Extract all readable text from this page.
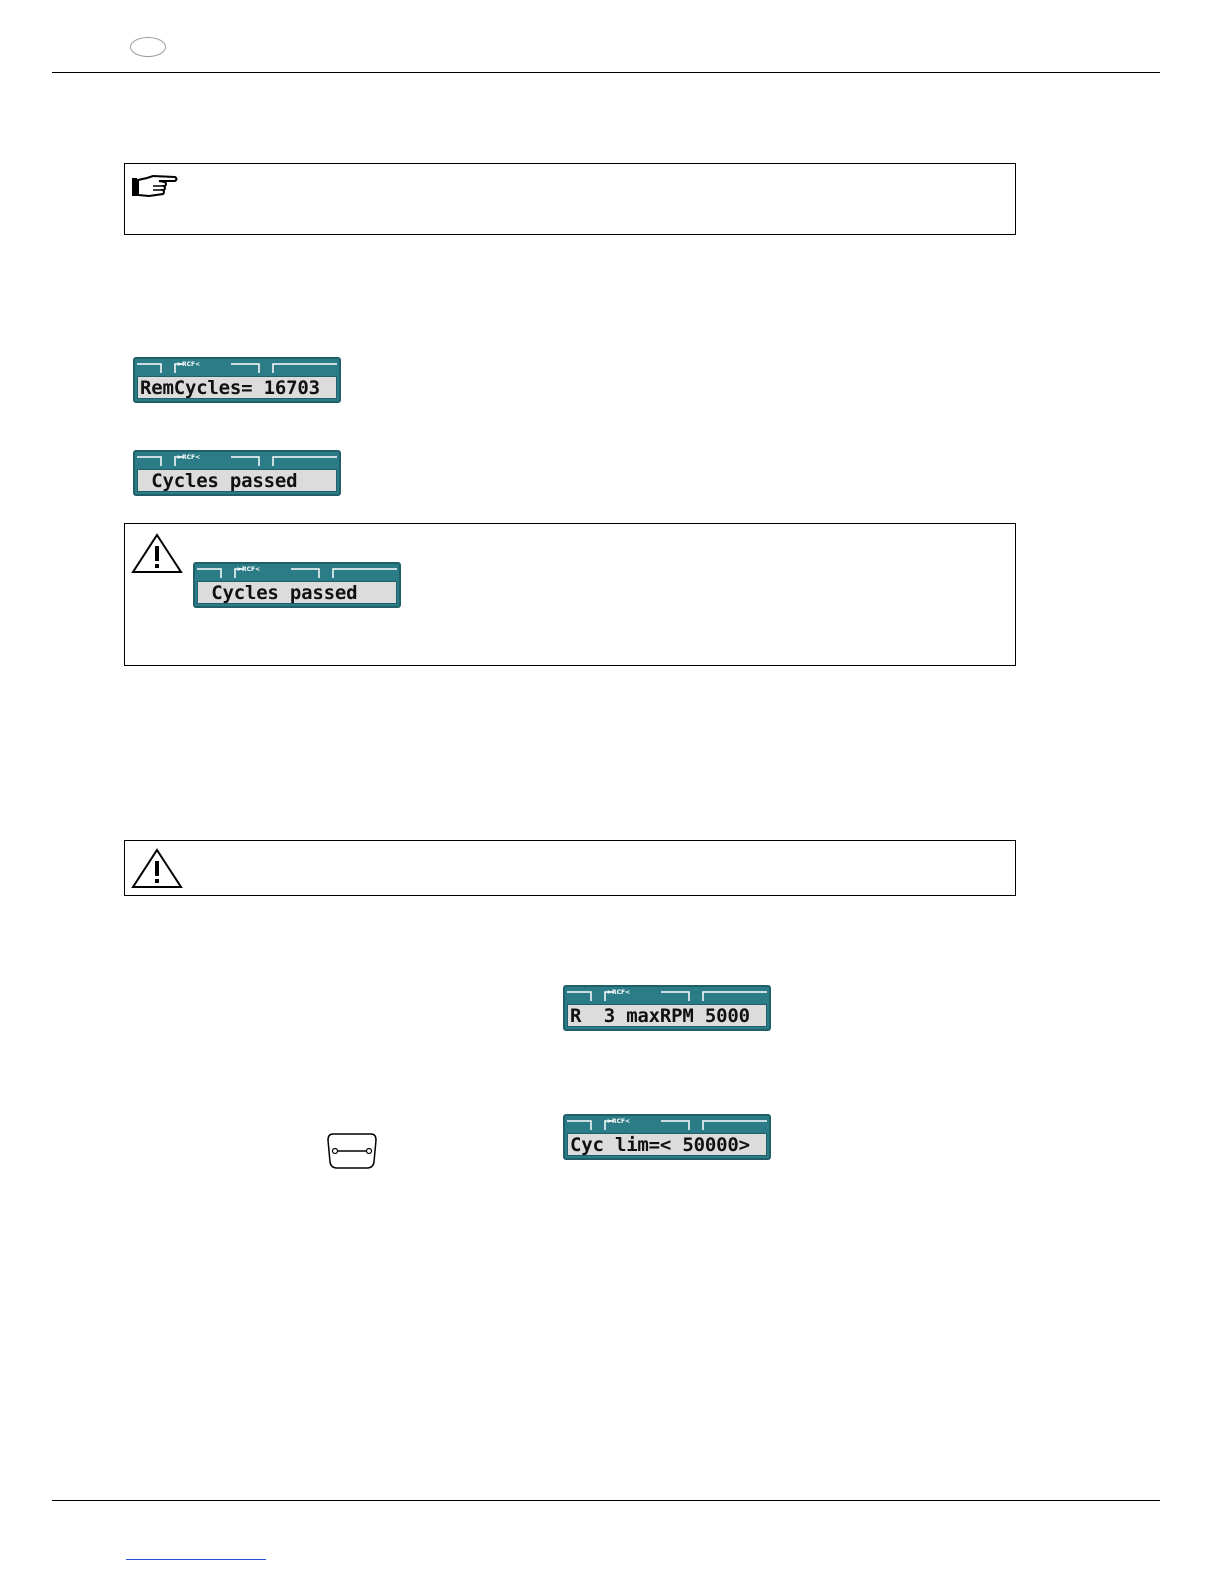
>RCF<
RemCycles= 16703
>RCF<
Cycles passed
>RCF<
Cycles passed
>RCF<
R  3 maxRPM 5000
>RCF<
Cyc lim=< 50000>
